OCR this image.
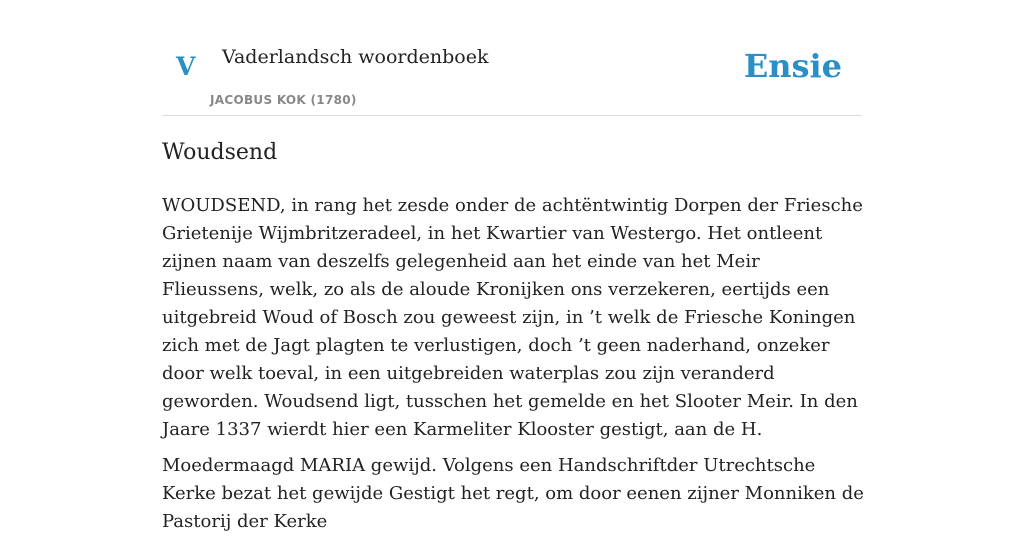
V Vaderlandsch woordenboek
JACOBUS KOK (1780)
Ensie
Woudsend

WOUDSEND, in rang het zesde onder de achtëntwintig Dorpen der Friesche Grietenije Wijmbritzeradeel, in het Kwartier van Westergo. Het ontleent zijnen naam van deszelfs gelegenheid aan het einde van het Meir Flieussens, welk, zo als de aloude Kronijken ons verzekeren, eertijds een uitgebreid Woud of Bosch zou geweest zijn, in ’t welk de Friesche Koningen zich met de Jagt plagten te verlustigen, doch ’t geen naderhand, onzeker door welk toeval, in een uitgebreiden waterplas zou zijn veranderd geworden. Woudsend ligt, tusschen het gemelde en het Slooter Meir. In den Jaare 1337 wierdt hier een Karmeliter Klooster gestigt, aan de H.

Moedermaagd MARIA gewijd. Volgens een Handschriftder Utrechtsche Kerke bezat het gewijde Gestigt het regt, om door eenen zijner Monniken de Pastorij der Kerke
